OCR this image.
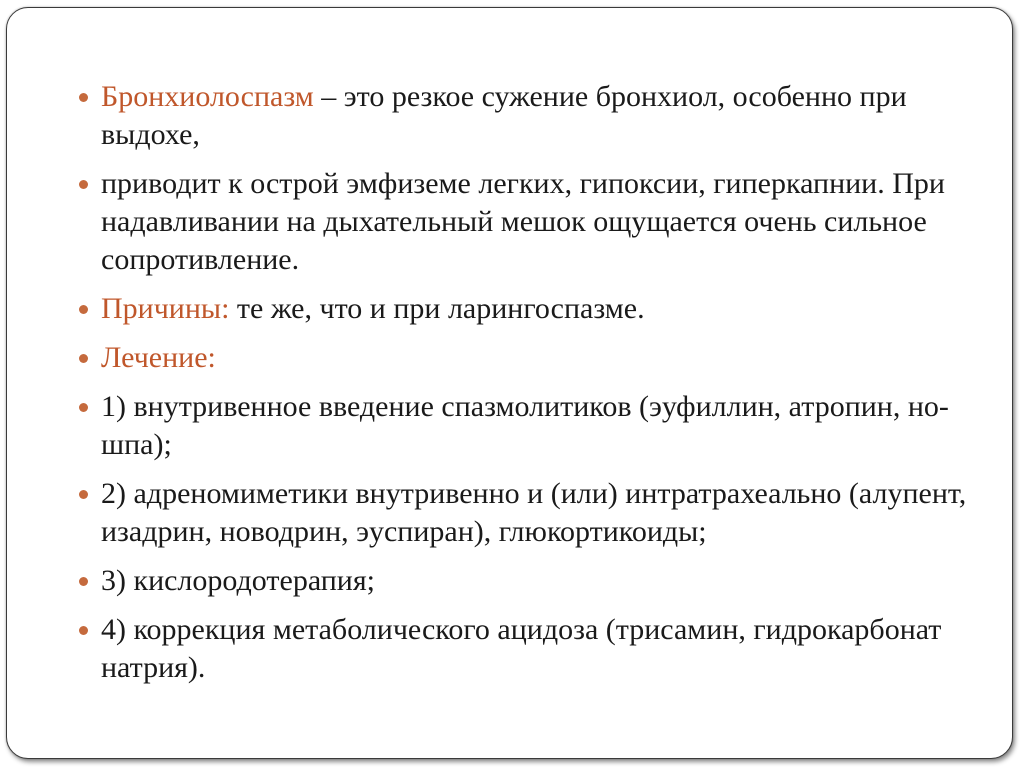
Бронхиолоспазм – это резкое сужение бронхиол, особенно при выдохе,
приводит к острой эмфиземе легких, гипоксии, гиперкапнии. При надавливании на дыхательный мешок ощущается очень сильное сопротивление.
Причины: те же, что и при ларингоспазме.
Лечение:
1) внутривенное введение спазмолитиков (эуфиллин, атропин, но-шпа);
2) адреномиметики внутривенно и (или) интратрахеально (алупент, изадрин, новодрин, эуспиран), глюкортикоиды;
3) кислородотерапия;
4) коррекция метаболического ацидоза (трисамин, гидрокарбонат натрия).
